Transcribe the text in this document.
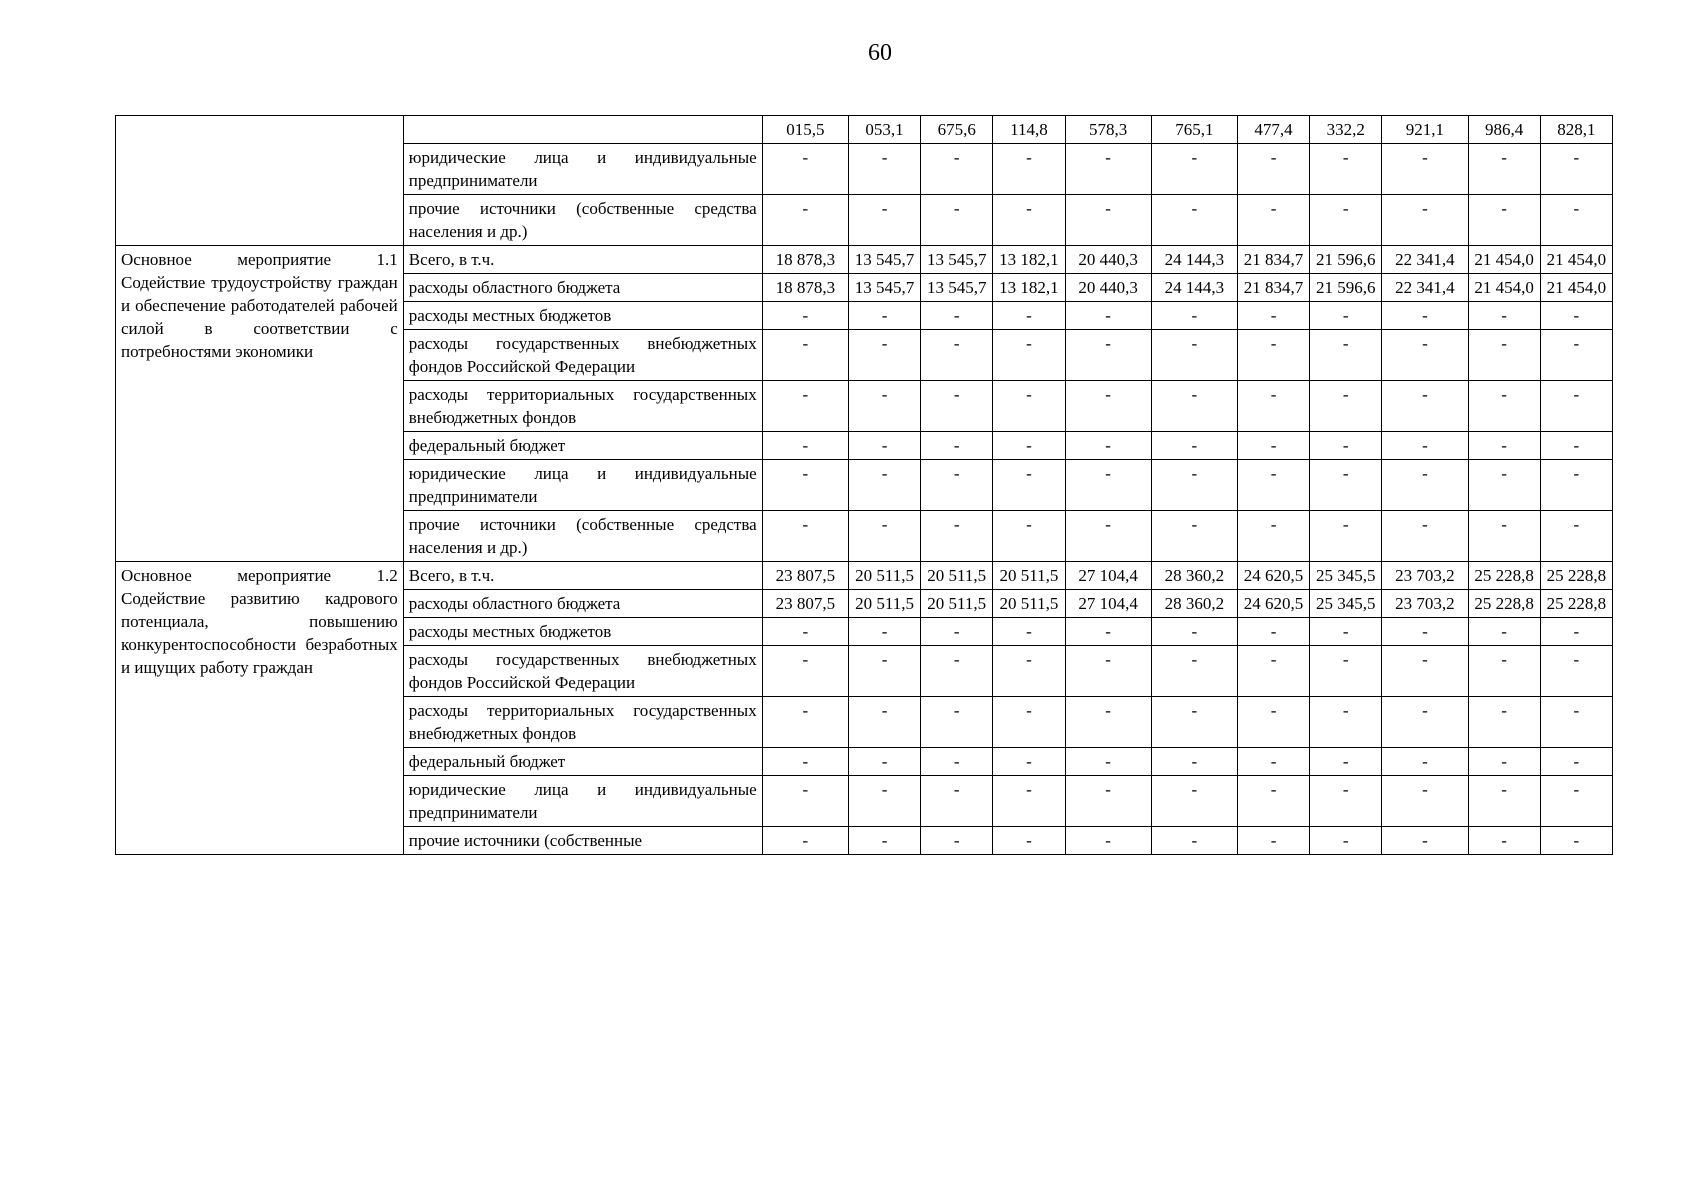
60
		015,5	053,1	675,6	114,8	578,3	765,1	477,4	332,2	921,1	986,4	828,1
	юридические лица и индивидуальные предприниматели	-	-	-	-	-	-	-	-	-	-	-
	прочие источники (собственные средства населения и др.)	-	-	-	-	-	-	-	-	-	-	-
Основное мероприятие 1.1 Содействие трудоустройству граждан и обеспечение работодателей рабочей силой в соответствии с потребностями экономики	Всего, в т.ч.	18 878,3	13 545,7	13 545,7	13 182,1	20 440,3	24 144,3	21 834,7	21 596,6	22 341,4	21 454,0	21 454,0
	расходы областного бюджета	18 878,3	13 545,7	13 545,7	13 182,1	20 440,3	24 144,3	21 834,7	21 596,6	22 341,4	21 454,0	21 454,0
	расходы местных бюджетов	-	-	-	-	-	-	-	-	-	-	-
	расходы государственных внебюджетных фондов Российской Федерации	-	-	-	-	-	-	-	-	-	-	-
	расходы территориальных государственных внебюджетных фондов	-	-	-	-	-	-	-	-	-	-	-
	федеральный бюджет	-	-	-	-	-	-	-	-	-	-	-
	юридические лица и индивидуальные предприниматели	-	-	-	-	-	-	-	-	-	-	-
	прочие источники (собственные средства населения и др.)	-	-	-	-	-	-	-	-	-	-	-
Основное мероприятие 1.2 Содействие развитию кадрового потенциала, повышению конкурентоспособности безработных и ищущих работу граждан	Всего, в т.ч.	23 807,5	20 511,5	20 511,5	20 511,5	27 104,4	28 360,2	24 620,5	25 345,5	23 703,2	25 228,8	25 228,8
	расходы областного бюджета	23 807,5	20 511,5	20 511,5	20 511,5	27 104,4	28 360,2	24 620,5	25 345,5	23 703,2	25 228,8	25 228,8
	расходы местных бюджетов	-	-	-	-	-	-	-	-	-	-	-
	расходы государственных внебюджетных фондов Российской Федерации	-	-	-	-	-	-	-	-	-	-	-
	расходы территориальных государственных внебюджетных фондов	-	-	-	-	-	-	-	-	-	-	-
	федеральный бюджет	-	-	-	-	-	-	-	-	-	-	-
	юридические лица и индивидуальные предприниматели	-	-	-	-	-	-	-	-	-	-	-
	прочие источники (собственные	-	-	-	-	-	-	-	-	-	-	-
